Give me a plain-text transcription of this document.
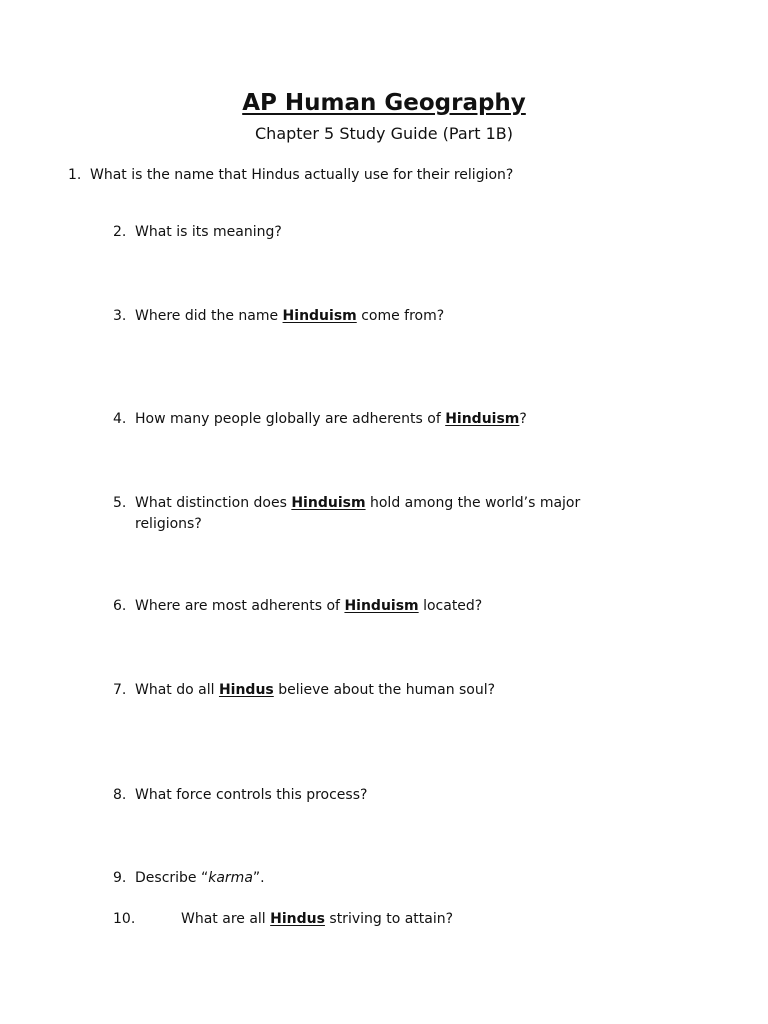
AP Human Geography
Chapter 5 Study Guide (Part 1B)
1. What is the name that Hindus actually use for their religion?
2. What is its meaning?
3. Where did the name Hinduism come from?
4. How many people globally are adherents of Hinduism?
5. What distinction does Hinduism hold among the world’s major
religions?
6. Where are most adherents of Hinduism located?
7. What do all Hindus believe about the human soul?
8. What force controls this process?
9. Describe “karma”.
10.	What are all Hindus striving to attain?
